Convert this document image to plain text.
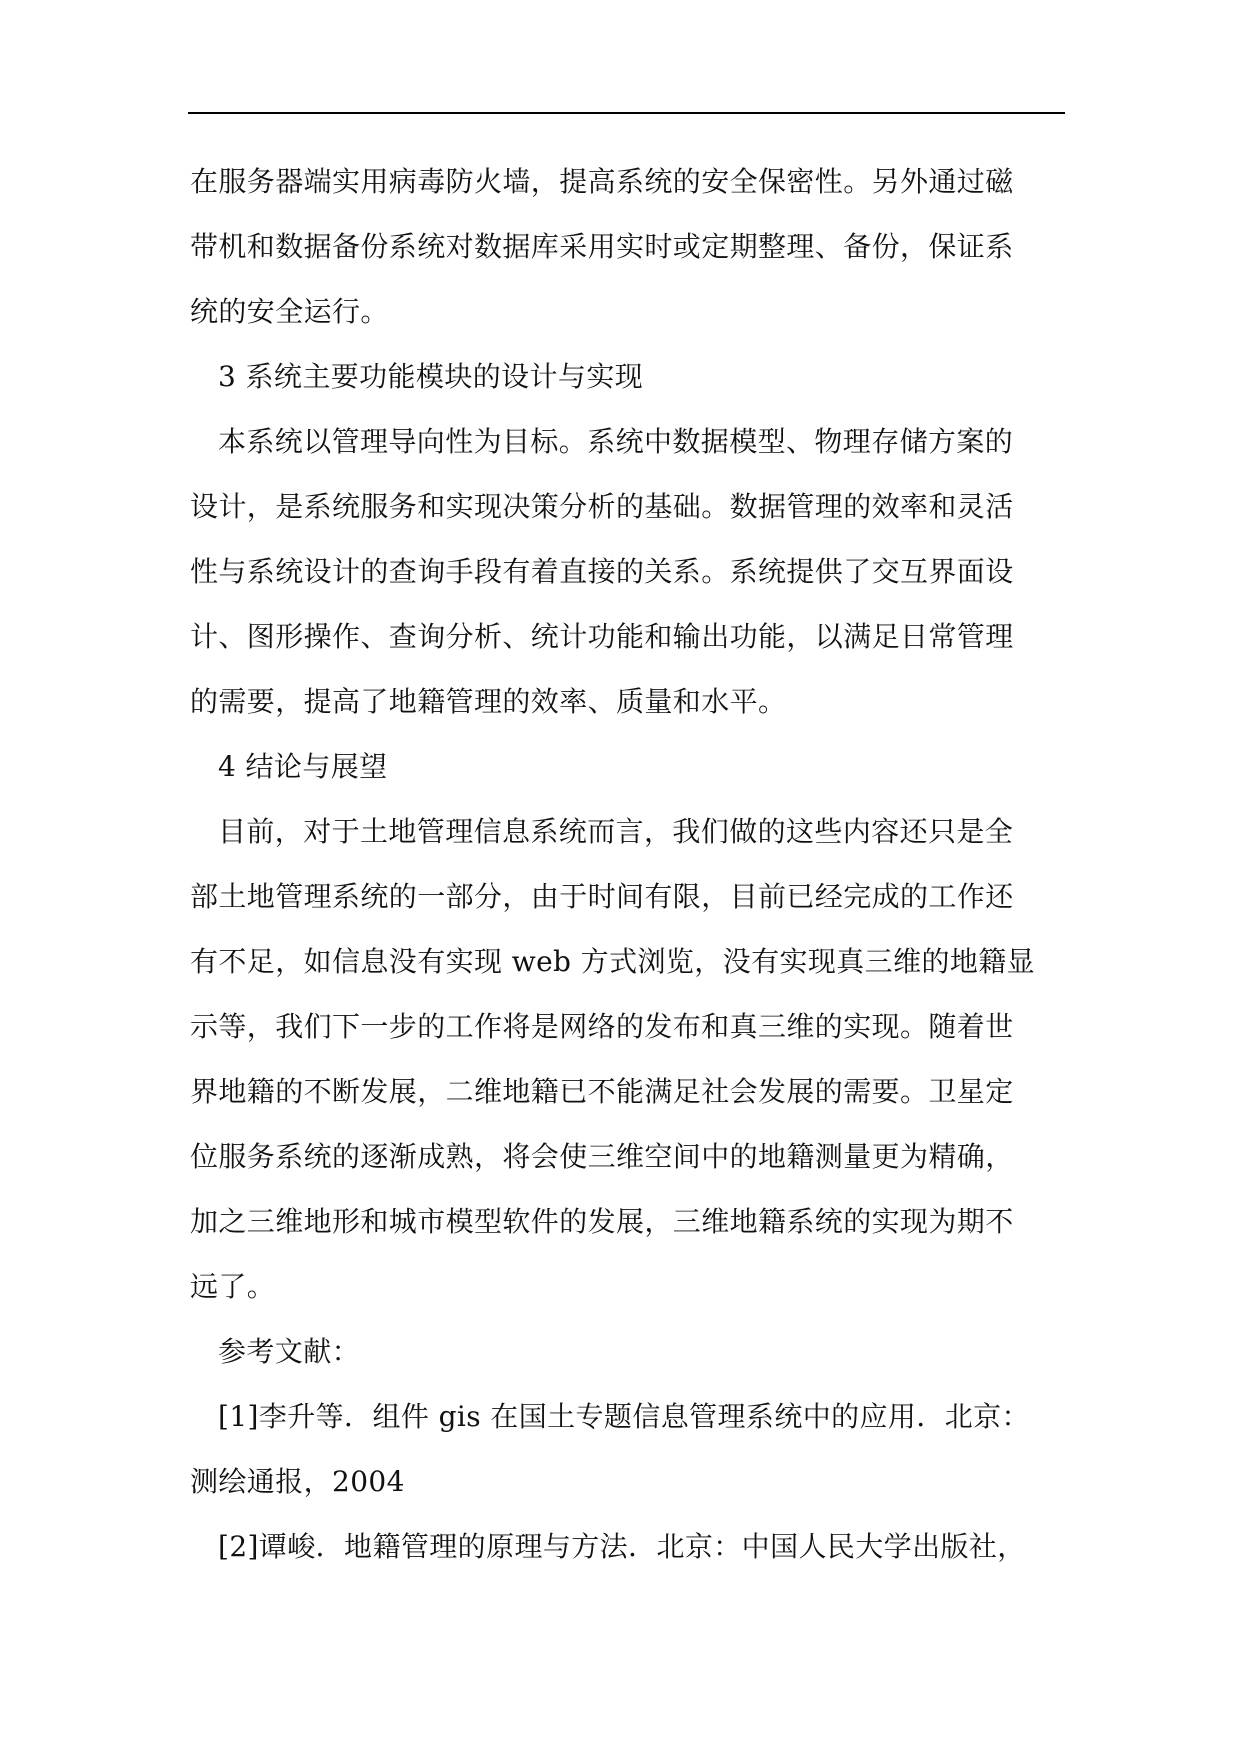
在服务器端实用病毒防火墙，提高系统的安全保密性。另外通过磁
带机和数据备份系统对数据库采用实时或定期整理、备份，保证系
统的安全运行。
3 系统主要功能模块的设计与实现
本系统以管理导向性为目标。系统中数据模型、物理存储方案的
设计，是系统服务和实现决策分析的基础。数据管理的效率和灵活
性与系统设计的查询手段有着直接的关系。系统提供了交互界面设
计、图形操作、查询分析、统计功能和输出功能，以满足日常管理
的需要，提高了地籍管理的效率、质量和水平。
4 结论与展望
目前，对于土地管理信息系统而言，我们做的这些内容还只是全
部土地管理系统的一部分，由于时间有限，目前已经完成的工作还
有不足，如信息没有实现 web 方式浏览，没有实现真三维的地籍显
示等，我们下一步的工作将是网络的发布和真三维的实现。随着世
界地籍的不断发展，二维地籍已不能满足社会发展的需要。卫星定
位服务系统的逐渐成熟，将会使三维空间中的地籍测量更为精确，
加之三维地形和城市模型软件的发展，三维地籍系统的实现为期不
远了。
参考文献：
[1]李升等．组件 gis 在国土专题信息管理系统中的应用．北京：
测绘通报，2004
[2]谭峻．地籍管理的原理与方法．北京：中国人民大学出版社，
